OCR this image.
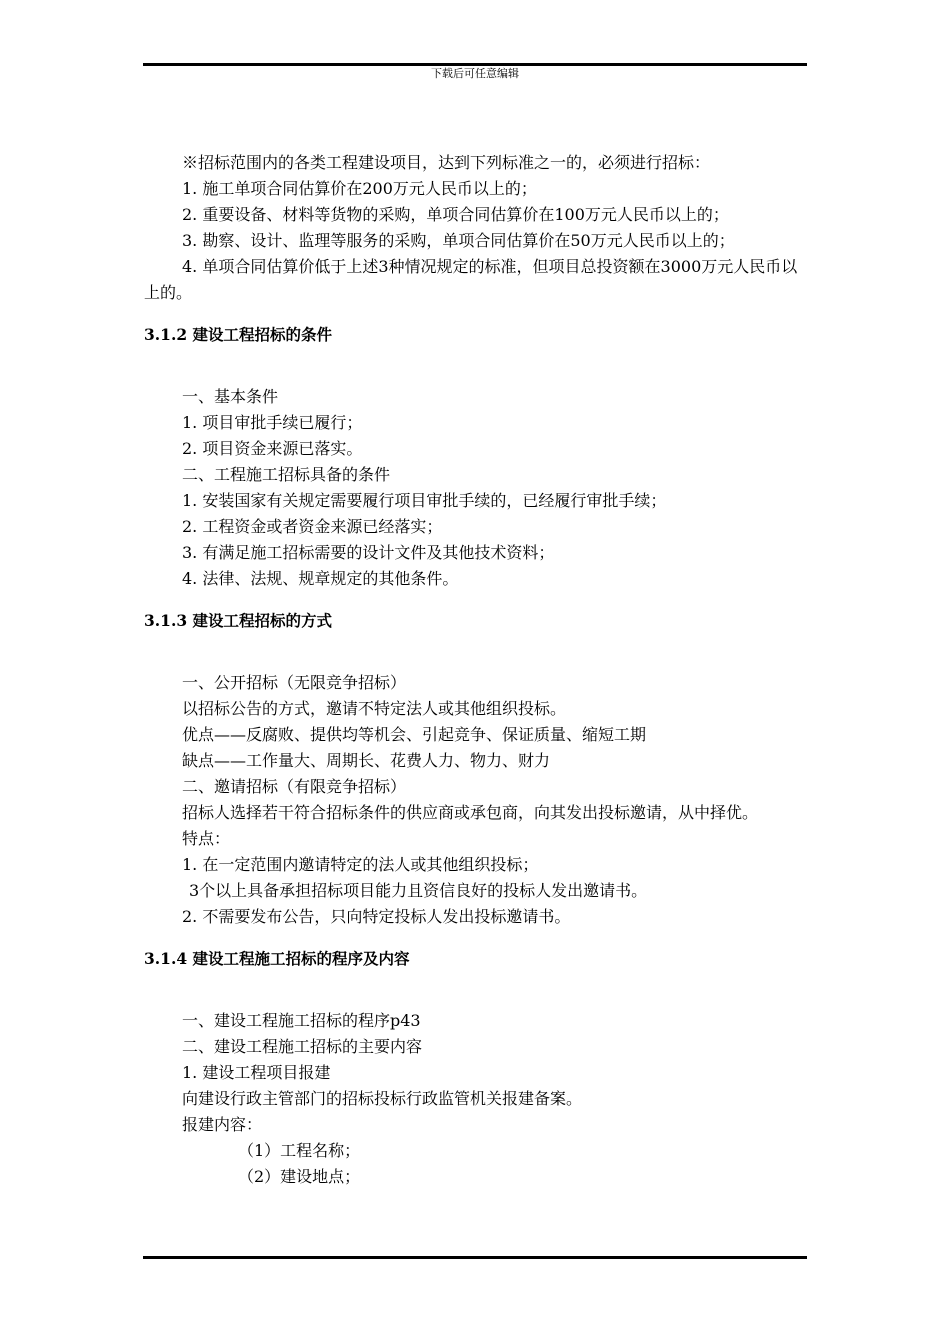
下载后可任意编辑
※招标范围内的各类工程建设项目，达到下列标准之一的，必须进行招标：
1. 施工单项合同估算价在200万元人民币以上的；
2. 重要设备、材料等货物的采购，单项合同估算价在100万元人民币以上的；
3. 勘察、设计、监理等服务的采购，单项合同估算价在50万元人民币以上的；
4. 单项合同估算价低于上述3种情况规定的标准，但项目总投资额在3000万元人民币以上的。
3.1.2 建设工程招标的条件
一、基本条件
1. 项目审批手续已履行；
2. 项目资金来源已落实。
二、工程施工招标具备的条件
1. 安装国家有关规定需要履行项目审批手续的，已经履行审批手续；
2. 工程资金或者资金来源已经落实；
3. 有满足施工招标需要的设计文件及其他技术资料；
4. 法律、法规、规章规定的其他条件。
3.1.3 建设工程招标的方式
一、公开招标（无限竞争招标）
以招标公告的方式，邀请不特定法人或其他组织投标。
优点——反腐败、提供均等机会、引起竞争、保证质量、缩短工期
缺点——工作量大、周期长、花费人力、物力、财力
二、邀请招标（有限竞争招标）
招标人选择若干符合招标条件的供应商或承包商，向其发出投标邀请，从中择优。
特点：
1. 在一定范围内邀请特定的法人或其他组织投标；
3个以上具备承担招标项目能力且资信良好的投标人发出邀请书。
2. 不需要发布公告，只向特定投标人发出投标邀请书。
3.1.4 建设工程施工招标的程序及内容
一、建设工程施工招标的程序p43
二、建设工程施工招标的主要内容
1. 建设工程项目报建
向建设行政主管部门的招标投标行政监管机关报建备案。
报建内容：
（1）工程名称；
（2）建设地点；
